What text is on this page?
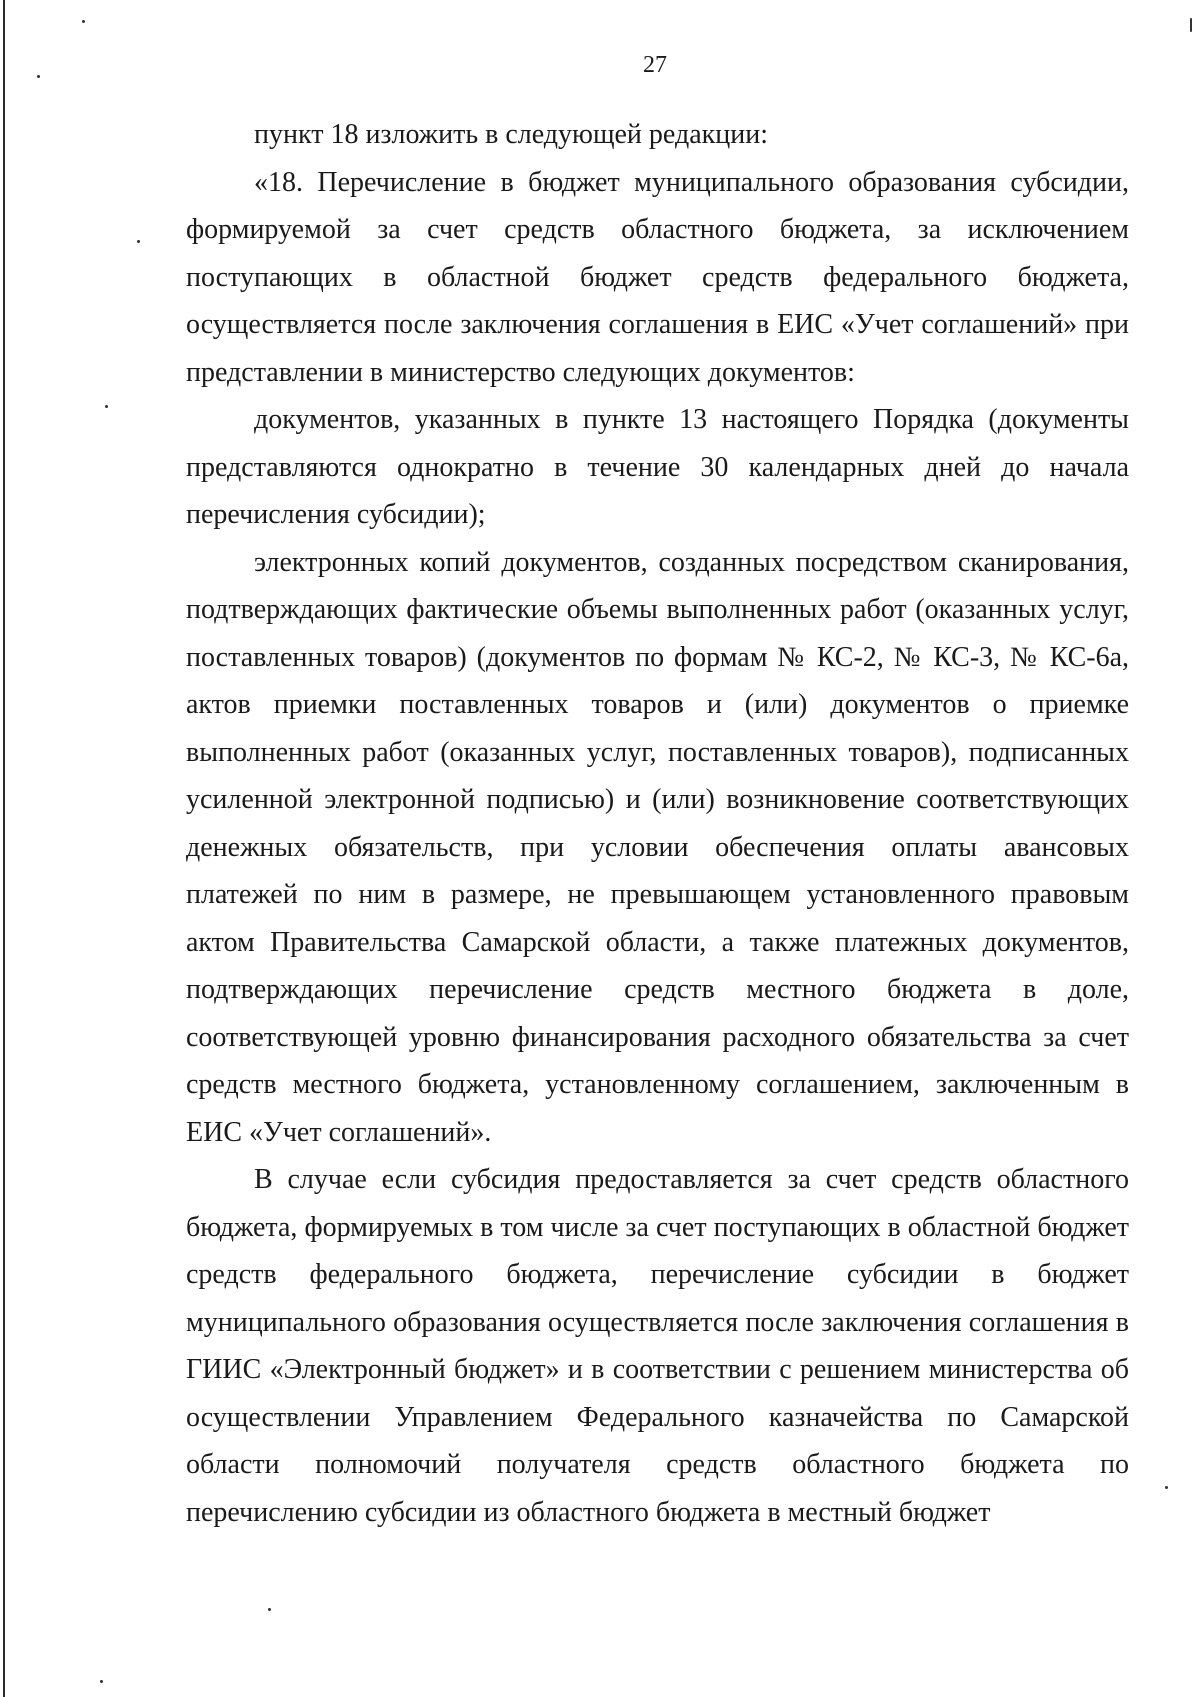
27

пункт 18 изложить в следующей редакции:

«18. Перечисление в бюджет муниципального образования субсидии, формируемой за счет средств областного бюджета, за исключением поступающих в областной бюджет средств федерального бюджета, осуществляется после заключения соглашения в ЕИС «Учет соглашений» при представлении в министерство следующих документов:

документов, указанных в пункте 13 настоящего Порядка (документы представляются однократно в течение 30 календарных дней до начала перечисления субсидии);

электронных копий документов, созданных посредством сканирования, подтверждающих фактические объемы выполненных работ (оказанных услуг, поставленных товаров) (документов по формам № КС-2, № КС-3, № КС-6а, актов приемки поставленных товаров и (или) документов о приемке выполненных работ (оказанных услуг, поставленных товаров), подписанных усиленной электронной подписью) и (или) возникновение соответствующих денежных обязательств, при условии обеспечения оплаты авансовых платежей по ним в размере, не превышающем установленного правовым актом Правительства Самарской области, а также платежных документов, подтверждающих перечисление средств местного бюджета в доле, соответствующей уровню финансирования расходного обязательства за счет средств местного бюджета, установленному соглашением, заключенным в ЕИС «Учет соглашений».

В случае если субсидия предоставляется за счет средств областного бюджета, формируемых в том числе за счет поступающих в областной бюджет средств федерального бюджета, перечисление субсидии в бюджет муниципального образования осуществляется после заключения соглашения в ГИИС «Электронный бюджет» и в соответствии с решением министерства об осуществлении Управлением Федерального казначейства по Самарской области полномочий получателя средств областного бюджета по перечислению субсидии из областного бюджета в местный бюджет
